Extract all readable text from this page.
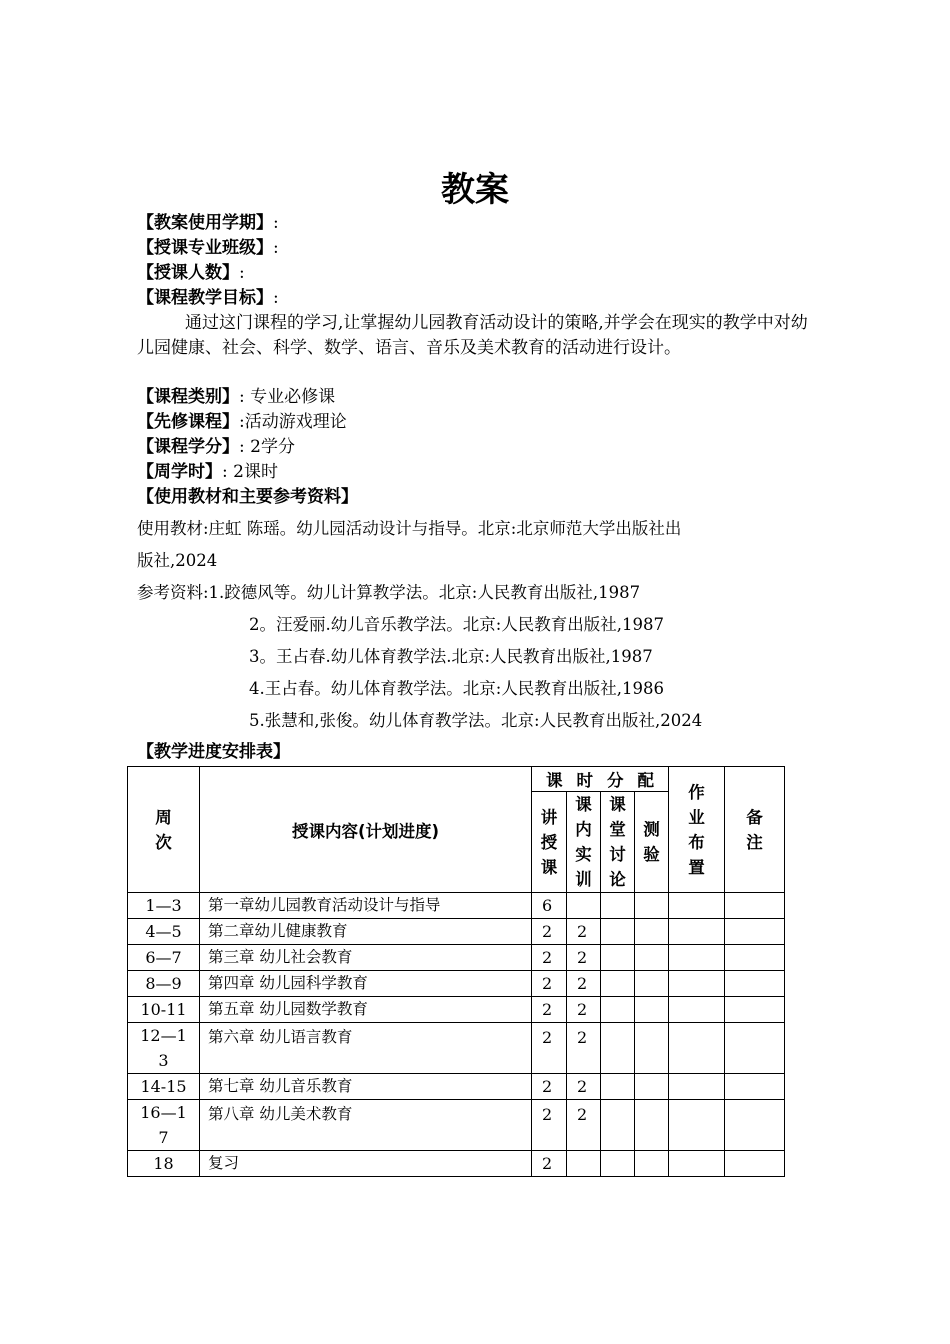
教案
【教案使用学期】:
【授课专业班级】:
【授课人数】:
【课程教学目标】:
通过这门课程的学习,让掌握幼儿园教育活动设计的策略,并学会在现实的教学中对幼儿园健康、社会、科学、数学、语言、音乐及美术教育的活动进行设计。
【课程类别】: 专业必修课
【先修课程】:活动游戏理论
【课程学分】: 2学分
【周学时】: 2课时
【使用教材和主要参考资料】
使用教材:庄虹 陈瑶。幼儿园活动设计与指导。北京:北京师范大学出版社出
版社,2024
参考资料:1.跤德风等。幼儿计算教学法。北京:人民教育出版社,1987
2。汪爱丽.幼儿音乐教学法。北京:人民教育出版社,1987
3。王占春.幼儿体育教学法.北京:人民教育出版社,1987
4.王占春。幼儿体育教学法。北京:人民教育出版社,1986
5.张慧和,张俊。幼儿体育教学法。北京:人民教育出版社,2024
【教学进度安排表】
周次	授课内容(计划进度)	课时分配				作业布置	备注

		讲授课	课内实训	课堂讨论	测验		

1—3	第一章幼儿园教育活动设计与指导	6					
4—5	第二章幼儿健康教育	2	2				
6—7	第三章 幼儿社会教育	2	2				
8—9	第四章 幼儿园科学教育	2	2				
10-11	第五章 幼儿园数学教育	2	2				
12—13	第六章 幼儿语言教育	2	2				
14-15	第七章 幼儿音乐教育	2	2				
16—17	第八章 幼儿美术教育	2	2				
18	复习	2					
